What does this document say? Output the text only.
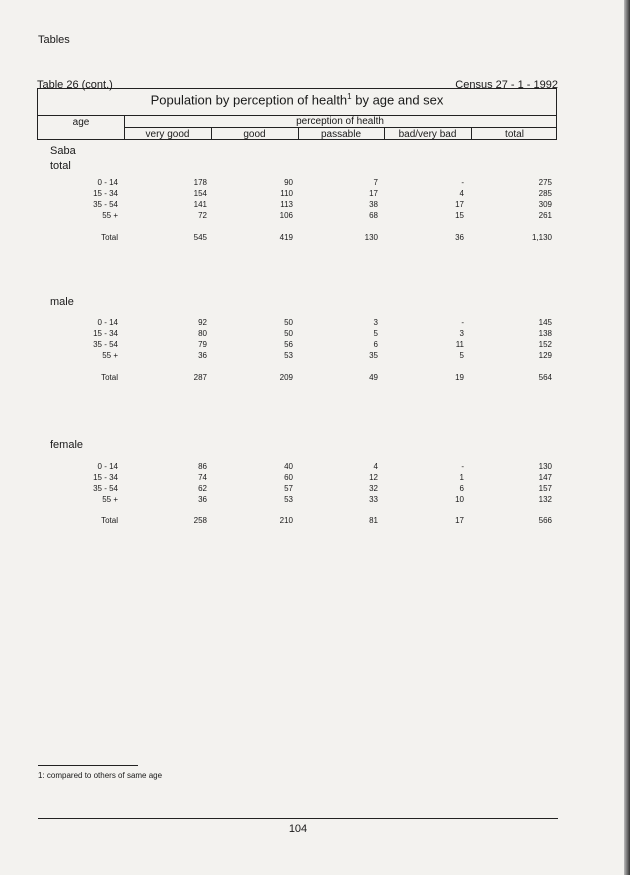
Tables
Table 26 (cont.)	Census 27 - 1 - 1992
Population by perception of health$^1$ by age and sex
age	perception of health
very good	good	passable	bad/very bad	total
Saba
total
0 - 14	178	90	7	-	275
15 - 34	154	110	17	4	285
35 - 54	141	113	38	17	309
55 +	72	106	68	15	261
Total	545	419	130	36	1,130
male
0 - 14	92	50	3	-	145
15 - 34	80	50	5	3	138
35 - 54	79	56	6	11	152
55 +	36	53	35	5	129
Total	287	209	49	19	564
female
0 - 14	86	40	4	-	130
15 - 34	74	60	12	1	147
35 - 54	62	57	32	6	157
55 +	36	53	33	10	132
Total	258	210	81	17	566
1: compared to others of same age
104
